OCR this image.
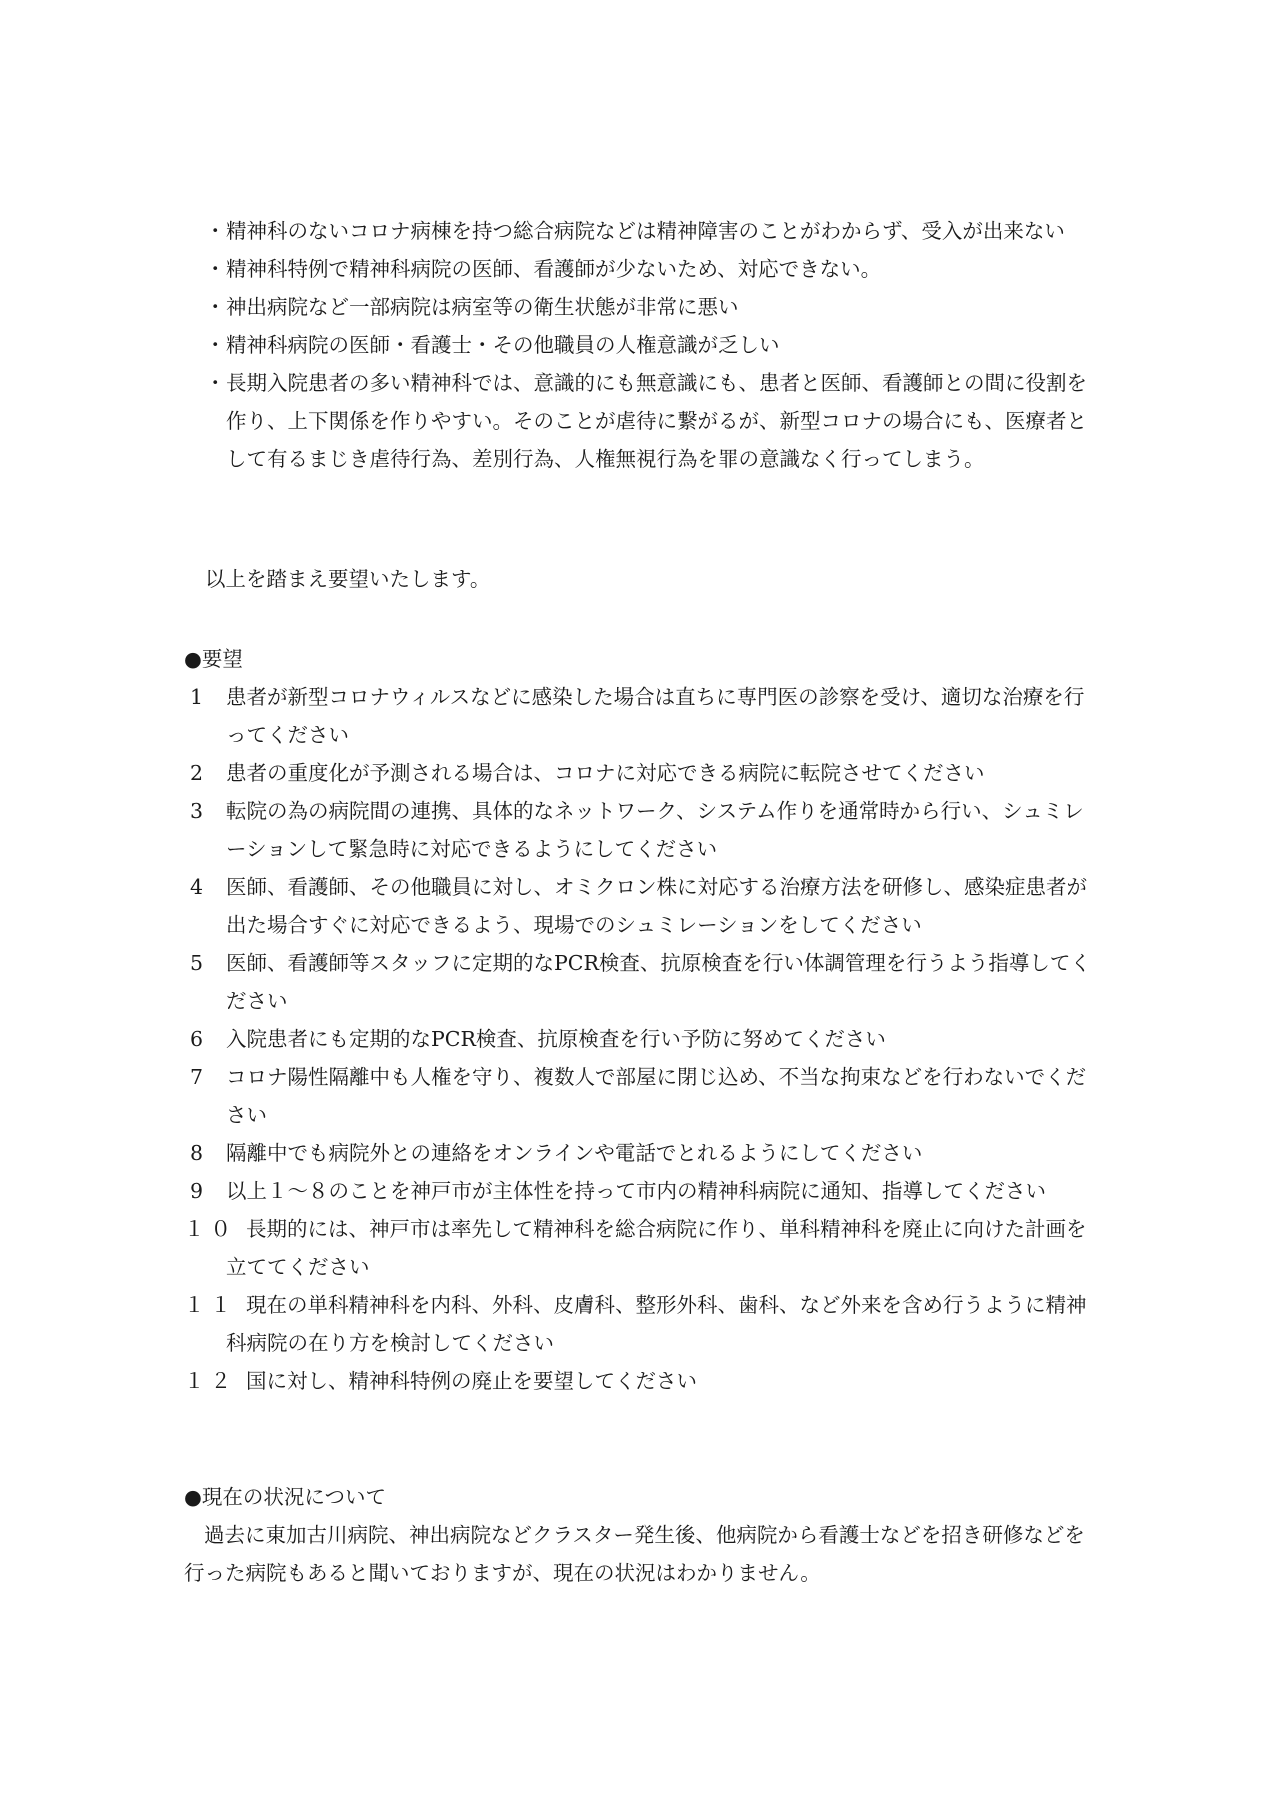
・ 精神科のないコロナ病棟を持つ総合病院などは精神障害のことがわからず、受入が出来ない
・ 精神科特例で精神科病院の医師、看護師が少ないため、対応できない。
・ 神出病院など一部病院は病室等の衛生状態が非常に悪い
・ 精神科病院の医師・看護士・その他職員の人権意識が乏しい
・ 長期入院患者の多い精神科では、意識的にも無意識にも、患者と医師、看護師との間に役割を作り、上下関係を作りやすい。そのことが虐待に繋がるが、新型コロナの場合にも、医療者として有るまじき虐待行為、差別行為、人権無視行為を罪の意識なく行ってしまう。

以上を踏まえ要望いたします。

●要望
1 患者が新型コロナウィルスなどに感染した場合は直ちに専門医の診察を受け、適切な治療を行ってください
2 患者の重度化が予測される場合は、コロナに対応できる病院に転院させてください
3 転院の為の病院間の連携、具体的なネットワーク、システム作りを通常時から行い、シュミレーションして緊急時に対応できるようにしてください
4 医師、看護師、その他職員に対し、オミクロン株に対応する治療方法を研修し、感染症患者が出た場合すぐに対応できるよう、現場でのシュミレーションをしてください
5 医師、看護師等スタッフに定期的なPCR検査、抗原検査を行い体調管理を行うよう指導してください
6 入院患者にも定期的なPCR検査、抗原検査を行い予防に努めてください
7 コロナ陽性隔離中も人権を守り、複数人で部屋に閉じ込め、不当な拘束などを行わないでください
8 隔離中でも病院外との連絡をオンラインや電話でとれるようにしてください
9 以上１～８のことを神戸市が主体性を持って市内の精神科病院に通知、指導してください
１０ 長期的には、神戸市は率先して精神科を総合病院に作り、単科精神科を廃止に向けた計画を立ててください
１１ 現在の単科精神科を内科、外科、皮膚科、整形外科、歯科、など外来を含め行うように精神科病院の在り方を検討してください
１２ 国に対し、精神科特例の廃止を要望してください
●現在の状況について

過去に東加古川病院、神出病院などクラスター発生後、他病院から看護士などを招き研修などを行った病院もあると聞いておりますが、現在の状況はわかりません。
